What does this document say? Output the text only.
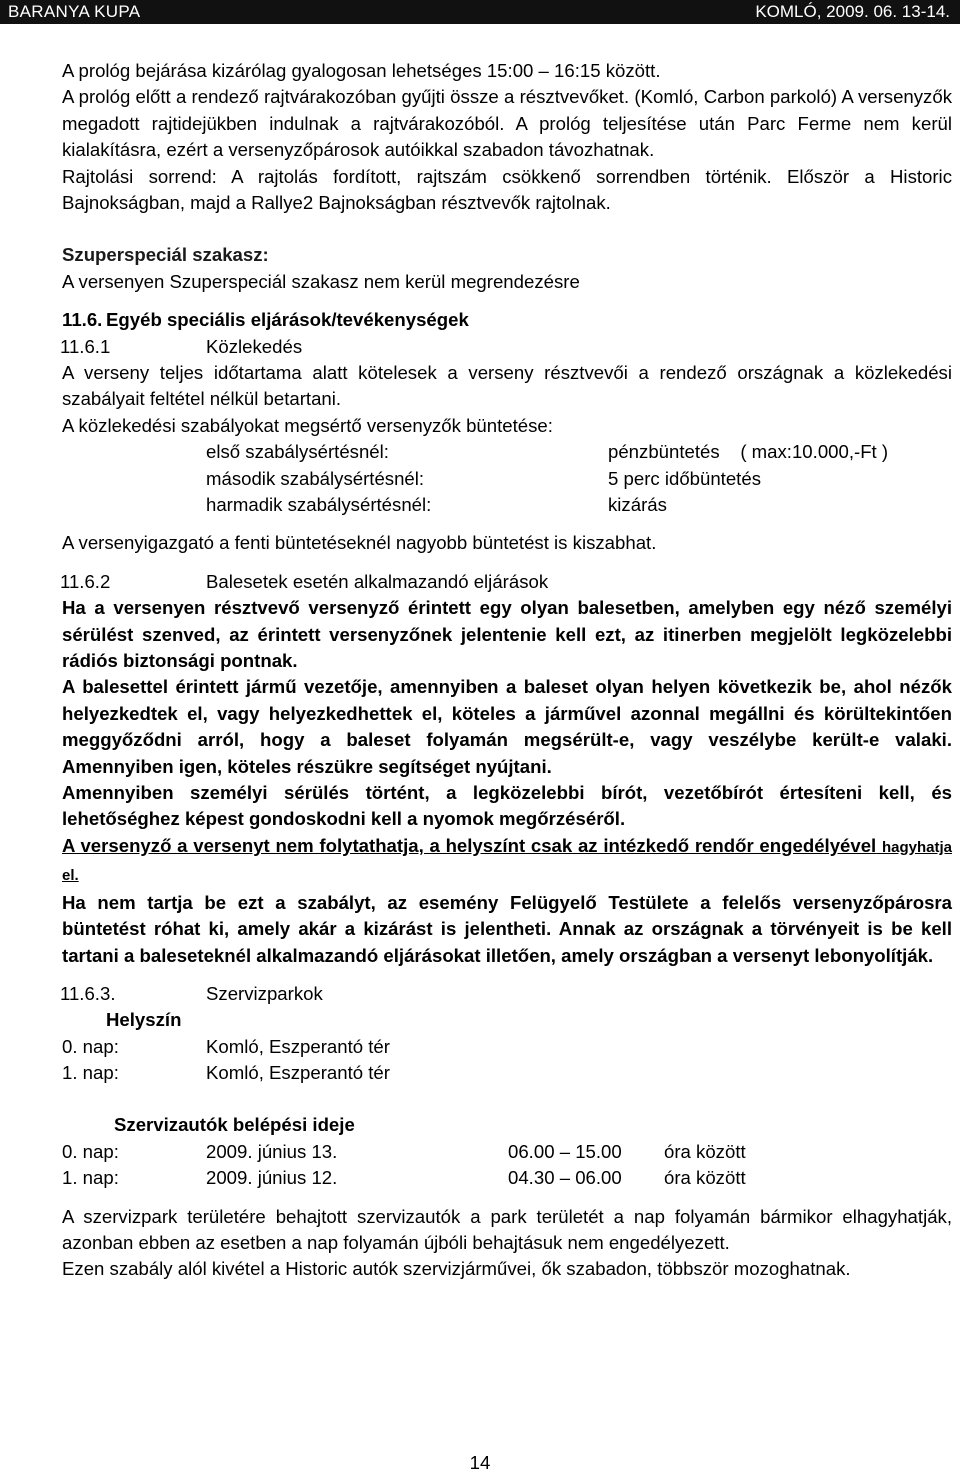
BARANYA KUPA	KOMLÓ, 2009. 06. 13-14.

A prológ bejárása kizárólag gyalogosan lehetséges 15:00 – 16:15 között.

A prológ előtt a rendező rajtvárakozóban gyűjti össze a résztvevőket. (Komló, Carbon parkoló) A versenyzők megadott rajtidejükben indulnak a rajtvárakozóból. A prológ teljesítése után Parc Ferme nem kerül kialakításra, ezért a versenyzőpárosok autóikkal szabadon távozhatnak.

Rajtolási sorrend: A rajtolás fordított, rajtszám csökkenő sorrendben történik. Először a Historic Bajnokságban, majd a Rallye2 Bajnokságban résztvevők rajtolnak.

Szuperspeciál szakasz:

A versenyen Szuperspeciál szakasz nem kerül megrendezésre

11.6. Egyéb speciális eljárások/tevékenységek
11.6.1	Közlekedés

A verseny teljes időtartama alatt kötelesek a verseny résztvevői a rendező országnak a közlekedési szabályait feltétel nélkül betartani.

A közlekedési szabályokat megsértő versenyzők büntetése:

első szabálysértésnél:	pénzbüntetés    ( max:10.000,-Ft )
második szabálysértésnél:	5 perc időbüntetés
harmadik szabálysértésnél:	kizárás

A versenyigazgató a fenti büntetéseknél nagyobb büntetést is kiszabhat.

11.6.2	Balesetek esetén alkalmazandó eljárások

Ha a versenyen résztvevő versenyző érintett egy olyan balesetben, amelyben egy néző személyi sérülést szenved, az érintett versenyzőnek jelentenie kell ezt, az itinerben megjelölt legközelebbi rádiós biztonsági pontnak.

A balesettel érintett jármű vezetője, amennyiben a baleset olyan helyen következik be, ahol nézők helyezkedtek el, vagy helyezkedhettek el, köteles a járművel azonnal megállni és körültekintően meggyőződni arról, hogy a baleset folyamán megsérült-e, vagy veszélybe került-e valaki. Amennyiben igen, köteles részükre segítséget nyújtani.

Amennyiben személyi sérülés történt, a legközelebbi bírót, vezetőbírót értesíteni kell, és lehetőséghez képest gondoskodni kell a nyomok megőrzéséről.

A versenyző a versenyt nem folytathatja, a helyszínt csak az intézkedő rendőr engedélyével hagyhatja el.

Ha nem tartja be ezt a szabályt, az esemény Felügyelő Testülete a felelős versenyzőpárosra büntetést róhat ki, amely akár a kizárást is jelentheti. Annak az országnak a törvényeit is be kell tartani a baleseteknél alkalmazandó eljárásokat illetően, amely országban a versenyt lebonyolítják.

11.6.3.	Szervizparkok
Helyszín
0. nap:	Komló, Eszperantó tér
1. nap:	Komló, Eszperantó tér
Szervizautók belépési ideje
0. nap:	2009. június 13.	06.00 – 15.00 óra között
1. nap:	2009. június 12.	04.30 – 06.00 óra között

A szervizpark területére behajtott szervizautók a park területét a nap folyamán bármikor elhagyhatják, azonban ebben az esetben a nap folyamán újbóli behajtásuk nem engedélyezett.

Ezen szabály alól kivétel a Historic autók szervizjárművei, ők szabadon, többször mozoghatnak.

14
